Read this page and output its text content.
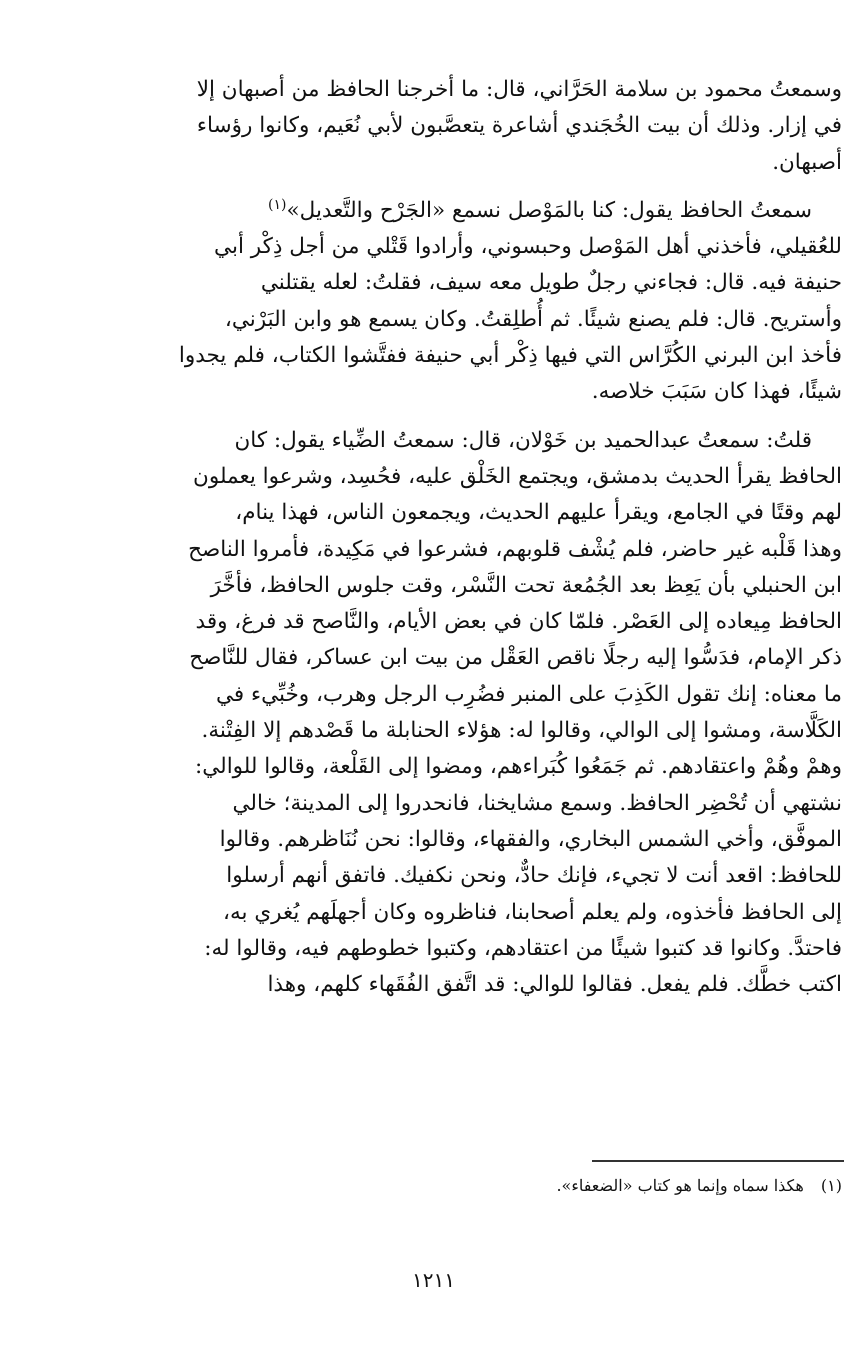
وسمعتُ محمود بن سلامة الحَرَّاني، قال: ما أخرجنا الحافظ من أصبهان إلا
في إزار. وذلك أن بيت الخُجَندي أشاعرة يتعصَّبون لأبي نُعَيم، وكانوا رؤساء
أصبهان.

سمعتُ الحافظ يقول: كنا بالمَوْصل نسمع «الجَرْح والتَّعديل»$^{(١)}$
للعُقيلي، فأخذني أهل المَوْصل وحبسوني، وأرادوا قَتْلي من أجل ذِكْر أبي
حنيفة فيه. قال: فجاءني رجلٌ طويل معه سيف، فقلتُ: لعله يقتلني
وأستريح. قال: فلم يصنع شيئًا. ثم أُطلِقتُ. وكان يسمع هو وابن البَرْني،
فأخذ ابن البرني الكُرَّاس التي فيها ذِكْر أبي حنيفة ففتَّشوا الكتاب، فلم يجدوا
شيئًا، فهذا كان سَبَبَ خلاصه.

قلتُ: سمعتُ عبدالحميد بن خَوْلان، قال: سمعتُ الضِّياء يقول: كان
الحافظ يقرأ الحديث بدمشق، ويجتمع الخَلْق عليه، فحُسِد، وشرعوا يعملون
لهم وقتًا في الجامع، ويقرأ عليهم الحديث، ويجمعون الناس، فهذا ينام،
وهذا قَلْبه غير حاضر، فلم يُشْف قلوبهم، فشرعوا في مَكِيدة، فأمروا الناصح
ابن الحنبلي بأن يَعِظ بعد الجُمُعة تحت النَّسْر، وقت جلوس الحافظ، فأخَّرَ
الحافظ مِيعاده إلى العَصْر. فلمّا كان في بعض الأيام، والنَّاصح قد فرغ، وقد
ذكر الإمام، فدَسُّوا إليه رجلًا ناقص العَقْل من بيت ابن عساكر، فقال للنَّاصح
ما معناه: إنك تقول الكَذِبَ على المنبر فضُرِب الرجل وهرب، وخُبِّيء في
الكَلَّاسة، ومشوا إلى الوالي، وقالوا له: هؤلاء الحنابلة ما قَصْدهم إلا الفِتْنة.
وهمْ وهُمْ واعتقادهم. ثم جَمَعُوا كُبَراءهم، ومضوا إلى القَلْعة، وقالوا للوالي:
نشتهي أن تُحْضِر الحافظ. وسمع مشايخنا، فانحدروا إلى المدينة؛ خالي
الموفَّق، وأخي الشمس البخاري، والفقهاء، وقالوا: نحن نُنَاظرهم. وقالوا
للحافظ: اقعد أنت لا تجيء، فإنك حادٌّ، ونحن نكفيك. فاتفق أنهم أرسلوا
إلى الحافظ فأخذوه، ولم يعلم أصحابنا، فناظروه وكان أجهلَهم يُغري به،
فاحتدَّ. وكانوا قد كتبوا شيئًا من اعتقادهم، وكتبوا خطوطهم فيه، وقالوا له:
اكتب خطَّك. فلم يفعل. فقالوا للوالي: قد اتَّفق الفُقَهاء كلهم، وهذا

(١) هكذا سماه وإنما هو كتاب «الضعفاء».
١٢١١
